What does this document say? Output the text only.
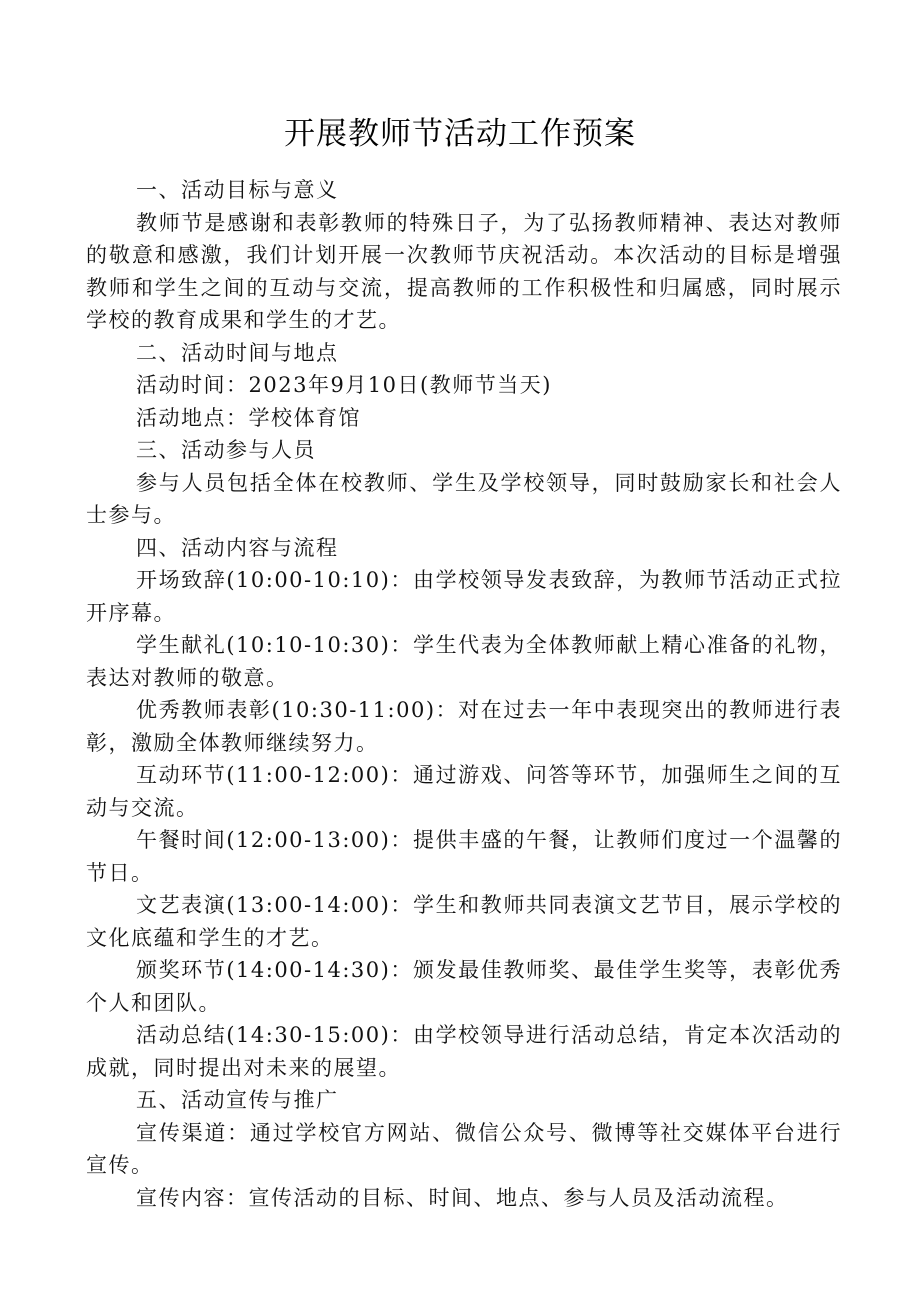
开展教师节活动工作预案

一、活动目标与意义

教师节是感谢和表彰教师的特殊日子，为了弘扬教师精神、表达对教师的敬意和感激，我们计划开展一次教师节庆祝活动。本次活动的目标是增强教师和学生之间的互动与交流，提高教师的工作积极性和归属感，同时展示学校的教育成果和学生的才艺。

二、活动时间与地点

活动时间：2023年9月10日(教师节当天)

活动地点：学校体育馆

三、活动参与人员

参与人员包括全体在校教师、学生及学校领导，同时鼓励家长和社会人士参与。

四、活动内容与流程

开场致辞(10:00-10:10)：由学校领导发表致辞，为教师节活动正式拉开序幕。

学生献礼(10:10-10:30)：学生代表为全体教师献上精心准备的礼物，表达对教师的敬意。

优秀教师表彰(10:30-11:00)：对在过去一年中表现突出的教师进行表彰，激励全体教师继续努力。

互动环节(11:00-12:00)：通过游戏、问答等环节，加强师生之间的互动与交流。

午餐时间(12:00-13:00)：提供丰盛的午餐，让教师们度过一个温馨的节日。

文艺表演(13:00-14:00)：学生和教师共同表演文艺节目，展示学校的文化底蕴和学生的才艺。

颁奖环节(14:00-14:30)：颁发最佳教师奖、最佳学生奖等，表彰优秀个人和团队。

活动总结(14:30-15:00)：由学校领导进行活动总结，肯定本次活动的成就，同时提出对未来的展望。

五、活动宣传与推广

宣传渠道：通过学校官方网站、微信公众号、微博等社交媒体平台进行宣传。

宣传内容：宣传活动的目标、时间、地点、参与人员及活动流程。
